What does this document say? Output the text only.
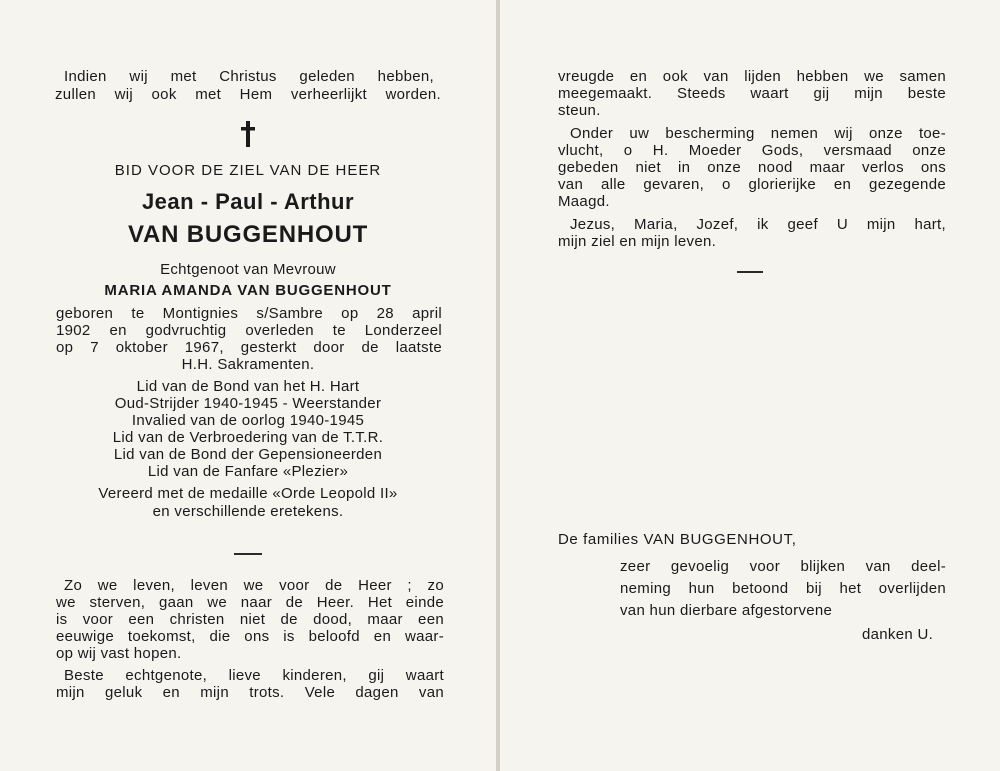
Indien wij met Christus geleden hebben,
zullen wij ook met Hem verheerlijkt worden.
BID VOOR DE ZIEL VAN DE HEER
Jean - Paul - Arthur
VAN BUGGENHOUT
Echtgenoot van Mevrouw
MARIA AMANDA VAN BUGGENHOUT
geboren te Montignies s/Sambre op 28 april
1902 en godvruchtig overleden te Londerzeel
op 7 oktober 1967, gesterkt door de laatste
H.H. Sakramenten.
Lid van de Bond van het H. Hart
Oud-Strijder 1940-1945 - Weerstander
Invalied van de oorlog 1940-1945
Lid van de Verbroedering van de T.T.R.
Lid van de Bond der Gepensioneerden
Lid van de Fanfare «Plezier»
Vereerd met de medaille «Orde Leopold II»
en verschillende eretekens.
Zo we leven, leven we voor de Heer ; zo
we sterven, gaan we naar de Heer. Het einde
is voor een christen niet de dood, maar een
eeuwige toekomst, die ons is beloofd en waar-
op wij vast hopen.
Beste echtgenote, lieve kinderen, gij waart
mijn geluk en mijn trots. Vele dagen van
vreugde en ook van lijden hebben we samen
meegemaakt. Steeds waart gij mijn beste
steun.
Onder uw bescherming nemen wij onze toe-
vlucht, o H. Moeder Gods, versmaad onze
gebeden niet in onze nood maar verlos ons
van alle gevaren, o glorierijke en gezegende
Maagd.
Jezus, Maria, Jozef, ik geef U mijn hart,
mijn ziel en mijn leven.
De families VAN BUGGENHOUT,
zeer gevoelig voor blijken van deel-
neming hun betoond bij het overlijden
van hun dierbare afgestorvene
danken U.
